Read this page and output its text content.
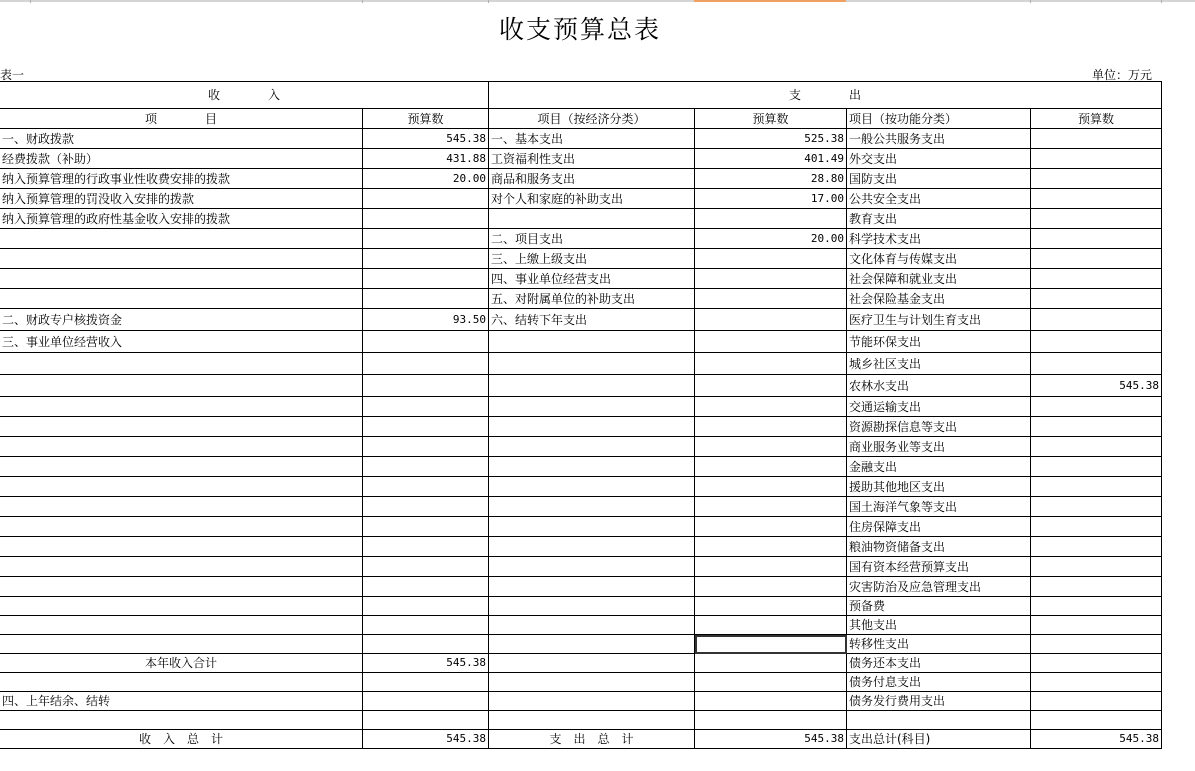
收支预算总表
表一	单位：万元
收　　　　入		支　　　　出			
项　　　　目	预算数	项目（按经济分类）	预算数	项目（按功能分类）	预算数
一、财政拨款	545.38	一、基本支出	525.38	一般公共服务支出	
经费拨款（补助）	431.88	工资福利性支出	401.49	外交支出	
纳入预算管理的行政事业性收费安排的拨款	20.00	商品和服务支出	28.80	国防支出	
纳入预算管理的罚没收入安排的拨款		对个人和家庭的补助支出	17.00	公共安全支出	
纳入预算管理的政府性基金收入安排的拨款				教育支出	
		二、项目支出	20.00	科学技术支出	
		三、上缴上级支出		文化体育与传媒支出	
		四、事业单位经营支出		社会保障和就业支出	
		五、对附属单位的补助支出		社会保险基金支出	
二、财政专户核拨资金	93.50	六、结转下年支出		医疗卫生与计划生育支出	
三、事业单位经营收入				节能环保支出	
				城乡社区支出	
				农林水支出	545.38
				交通运输支出	
				资源勘探信息等支出	
				商业服务业等支出	
				金融支出	
				援助其他地区支出	
				国土海洋气象等支出	
				住房保障支出	
				粮油物资储备支出	
				国有资本经营预算支出	
				灾害防治及应急管理支出	
				预备费	
				其他支出	
				转移性支出	
本年收入合计	545.38			债务还本支出	
				债务付息支出	
四、上年结余、结转				债务发行费用支出	

收　入　总　计	545.38	支　出　总　计	545.38	支出总计(科目)	545.38
